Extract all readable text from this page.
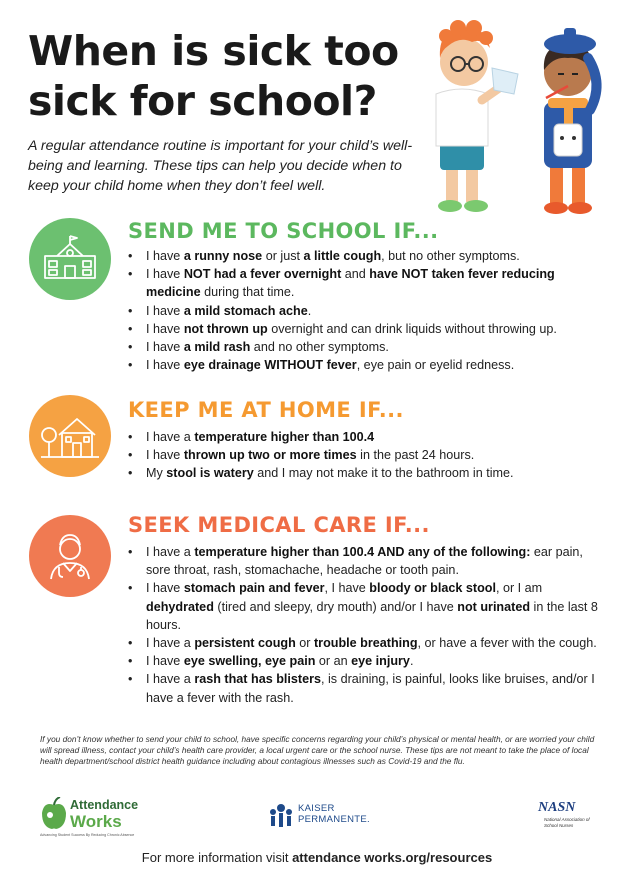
When is sick too
sick for school?

A regular attendance routine is important for your child’s well-being and learning. These tips can help you decide when to keep your child home when they don’t feel well.

SEND ME TO SCHOOL IF...
KEEP ME AT HOME IF...
SEEK MEDICAL CARE IF...
• I have a runny nose or just a little cough, but no other symptoms.
• I have NOT had a fever overnight and have NOT taken fever reducing medicine during that time.
• I have a mild stomach ache.
• I have not thrown up overnight and can drink liquids without throwing up.
• I have a mild rash and no other symptoms.
• I have eye drainage WITHOUT fever, eye pain or eyelid redness.
• I have a temperature higher than 100.4
• I have thrown up two or more times in the past 24 hours.
• My stool is watery and I may not make it to the bathroom in time.
• I have a temperature higher than 100.4 AND any of the following: ear pain, sore throat, rash, stomachache, headache or tooth pain.
• I have stomach pain and fever, I have bloody or black stool, or I am dehydrated (tired and sleepy, dry mouth) and/or I have not urinated in the last 8 hours.
• I have a persistent cough or trouble breathing, or have a fever with the cough.
• I have eye swelling, eye pain or an eye injury.
• I have a rash that has blisters, is draining, is painful, looks like bruises, and/or I have a fever with the rash.

If you don’t know whether to send your child to school, have specific concerns regarding your child’s physical or mental health, or are worried your child will spread illness, contact your child’s health care provider, a local urgent care or the school nurse. These tips are not meant to take the place of local health department/school district health guidance including about contagious illnesses such as Covid-19 and the flu.

Attendance
Works
Advancing Student Success By Reducing Chronic Absence
KAISER
PERMANENTE.
NASN
National Association of School Nurses
For more information visit attendance works.org/resources
